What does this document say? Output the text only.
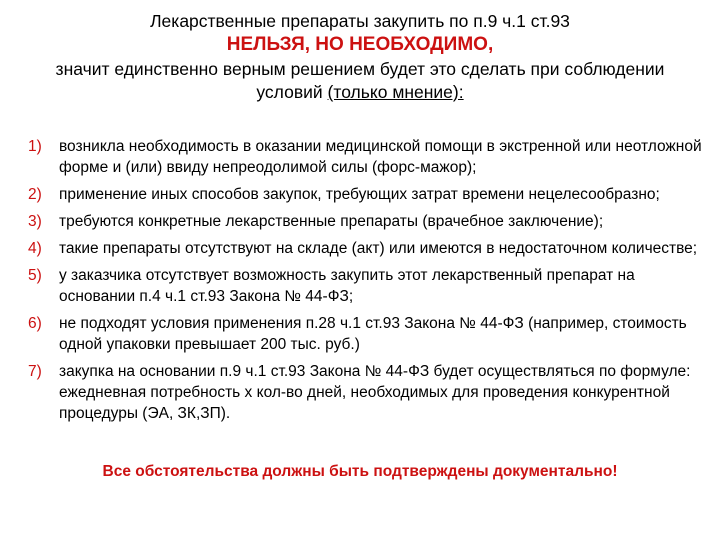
Лекарственные препараты закупить по п.9 ч.1 ст.93
НЕЛЬЗЯ, НО НЕОБХОДИМО,
значит единственно верным решением будет это сделать при соблюдении условий (только мнение):
1)	возникла необходимость в оказании медицинской помощи в экстренной или неотложной форме и (или) ввиду непреодолимой силы (форс-мажор);
2)	применение иных способов закупок, требующих затрат времени нецелесообразно;
3)	требуются конкретные лекарственные препараты (врачебное заключение);
4)	такие препараты отсутствуют на складе (акт) или имеются в недостаточном количестве;
5)	у заказчика отсутствует возможность закупить этот лекарственный препарат на основании п.4 ч.1 ст.93 Закона № 44-ФЗ;
6)	не подходят условия применения п.28 ч.1 ст.93 Закона № 44-ФЗ (например, стоимость одной упаковки превышает 200 тыс. руб.)
7)	закупка на основании п.9 ч.1 ст.93 Закона № 44-ФЗ будет осуществляться по формуле: ежедневная потребность х кол-во дней, необходимых для проведения конкурентной процедуры (ЭА, ЗК,ЗП).
Все обстоятельства должны быть подтверждены документально!
